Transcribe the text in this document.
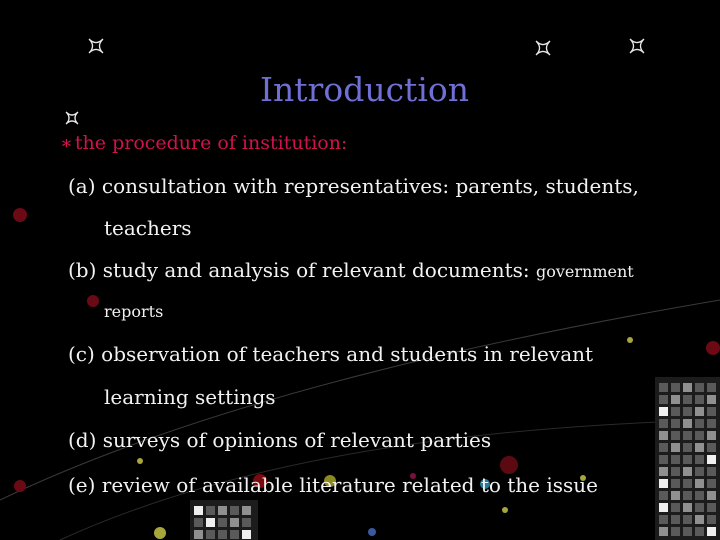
Introduction
∗ the procedure of institution:
(a) consultation with representatives: parents, students,
teachers
(b) study and analysis of relevant documents: government
reports
(c) observation of teachers and students in relevant
learning settings
(d) surveys of opinions of relevant parties
(e) review of available literature related to the issue
